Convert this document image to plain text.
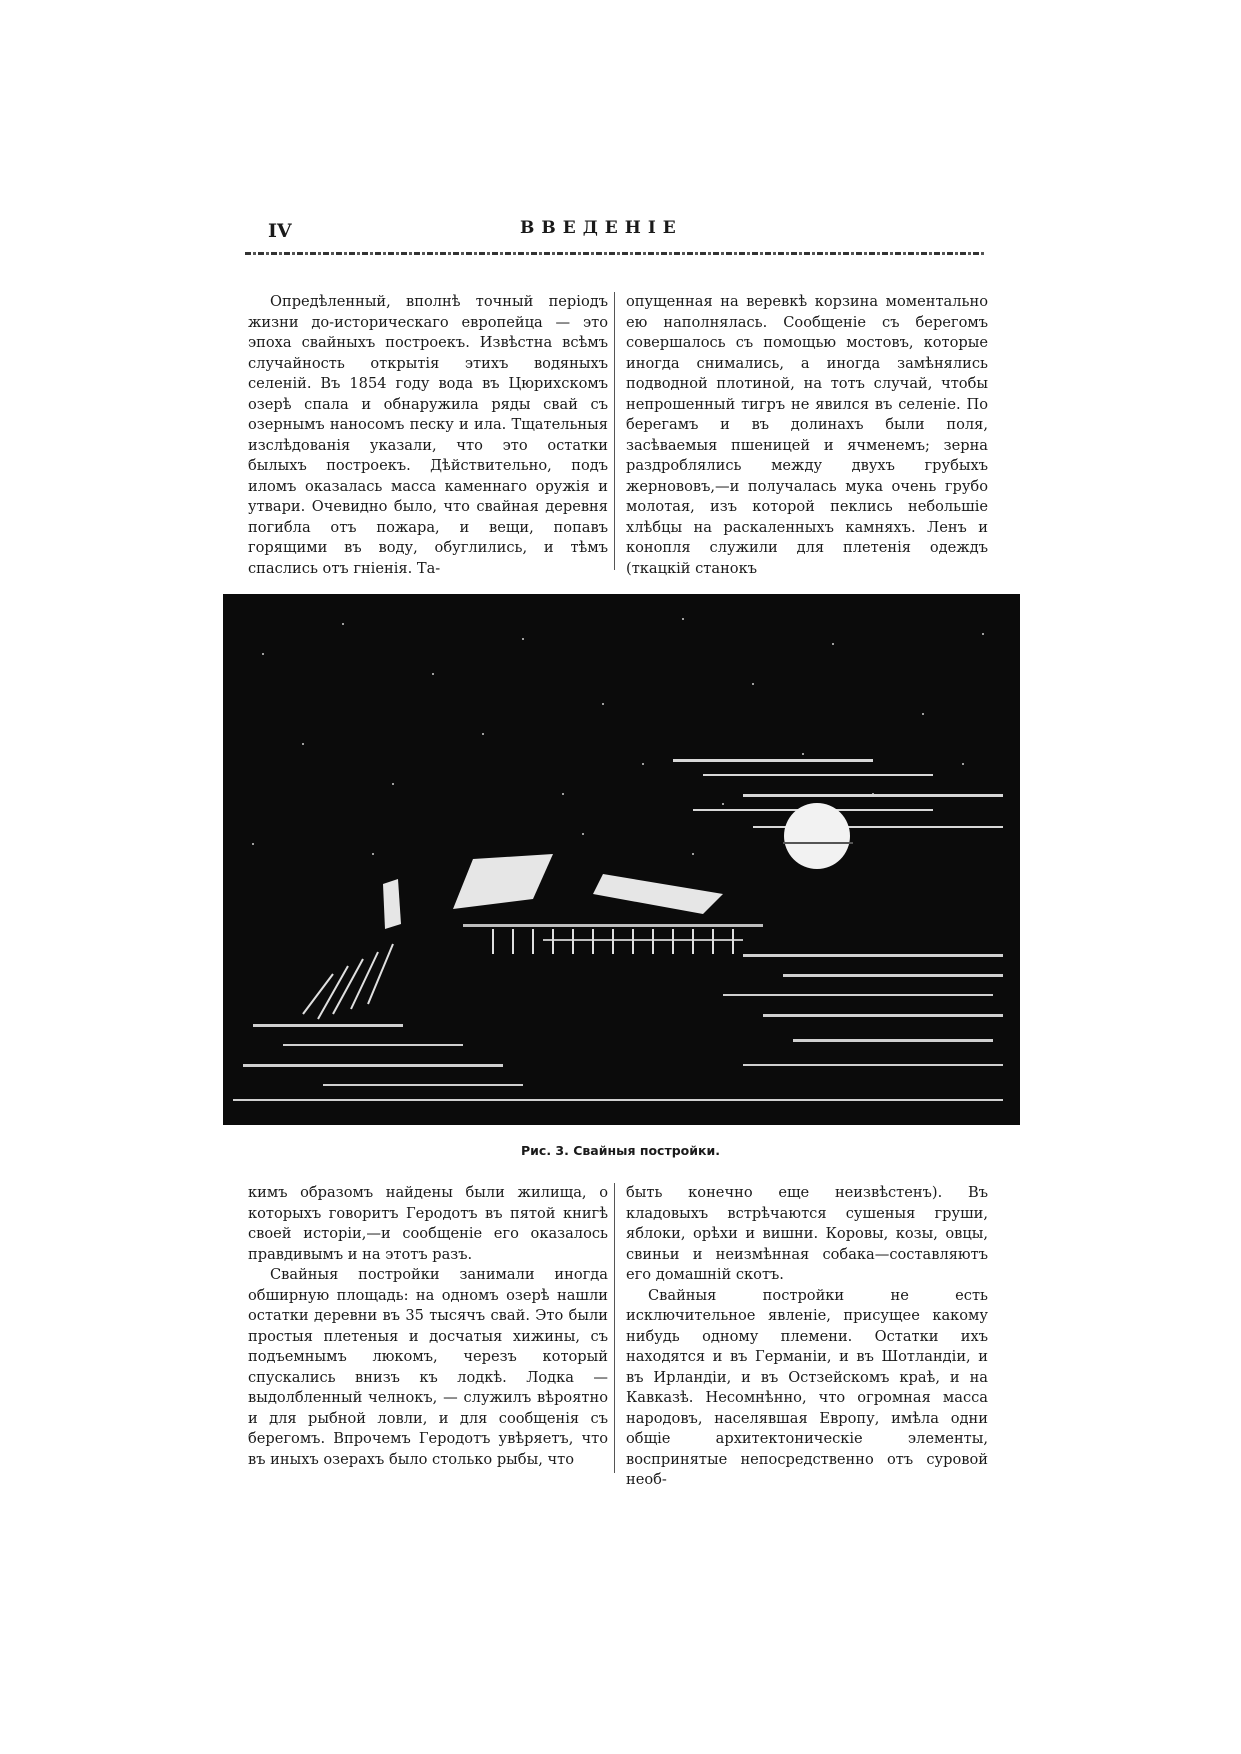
IV	ВВЕДЕНІЕ

Опредѣленный, вполнѣ точный періодъ жизни до-историческаго европейца — это эпоха свайныхъ построекъ. Извѣстна всѣмъ случайность открытія этихъ водяныхъ селеній. Въ 1854 году вода въ Цюрихскомъ озерѣ спала и обнаружила ряды свай съ озернымъ наносомъ песку и ила. Тщательныя изслѣдованія указали, что это остатки былыхъ построекъ. Дѣйствительно, подъ иломъ оказалась масса каменнаго оружія и утвари. Очевидно было, что свайная деревня погибла отъ пожара, и вещи, попавъ горящими въ воду, обуглились, и тѣмъ спаслись отъ гніенія. Та-

опущенная на веревкѣ корзина моментально ею наполнялась. Сообщеніе съ берегомъ совершалось съ помощью мостовъ, которые иногда снимались, а иногда замѣнялись подводной плотиной, на тотъ случай, чтобы непрошенный тигръ не явился въ селеніе. По берегамъ и въ долинахъ были поля, засѣваемыя пшеницей и ячменемъ; зерна раздроблялись между двухъ грубыхъ жернововъ,—и получалась мука очень грубо молотая, изъ которой пеклись небольшіе хлѣбцы на раскаленныхъ камняхъ. Ленъ и конопля служили для плетенія одеждъ (ткацкій станокъ

Рис. 3. Свайныя постройки.

кимъ образомъ найдены были жилища, о которыхъ говоритъ Геродотъ въ пятой книгѣ своей исторіи,—и сообщеніе его оказалось правдивымъ и на этотъ разъ.

Свайныя постройки занимали иногда обширную площадь: на одномъ озерѣ нашли остатки деревни въ 35 тысячъ свай. Это были простыя плетеныя и досчатыя хижины, съ подъемнымъ люкомъ, черезъ который спускались внизъ къ лодкѣ. Лодка — выдолбленный челнокъ, — служилъ вѣроятно и для рыбной ловли, и для сообщенія съ берегомъ. Впрочемъ Геродотъ увѣряетъ, что въ иныхъ озерахъ было столько рыбы, что

быть конечно еще неизвѣстенъ). Въ кладовыхъ встрѣчаются сушеныя груши, яблоки, орѣхи и вишни. Коровы, козы, овцы, свиньи и неизмѣнная собака—составляютъ его домашній скотъ.

Свайныя постройки не есть исключительное явленіе, присущее какому нибудь одному племени. Остатки ихъ находятся и въ Германіи, и въ Шотландіи, и въ Ирландіи, и въ Остзейскомъ краѣ, и на Кавказѣ. Несомнѣнно, что огромная масса народовъ, населявшая Европу, имѣла одни общіе архитектоническіе элементы, воспринятые непосредственно отъ суровой необ-
